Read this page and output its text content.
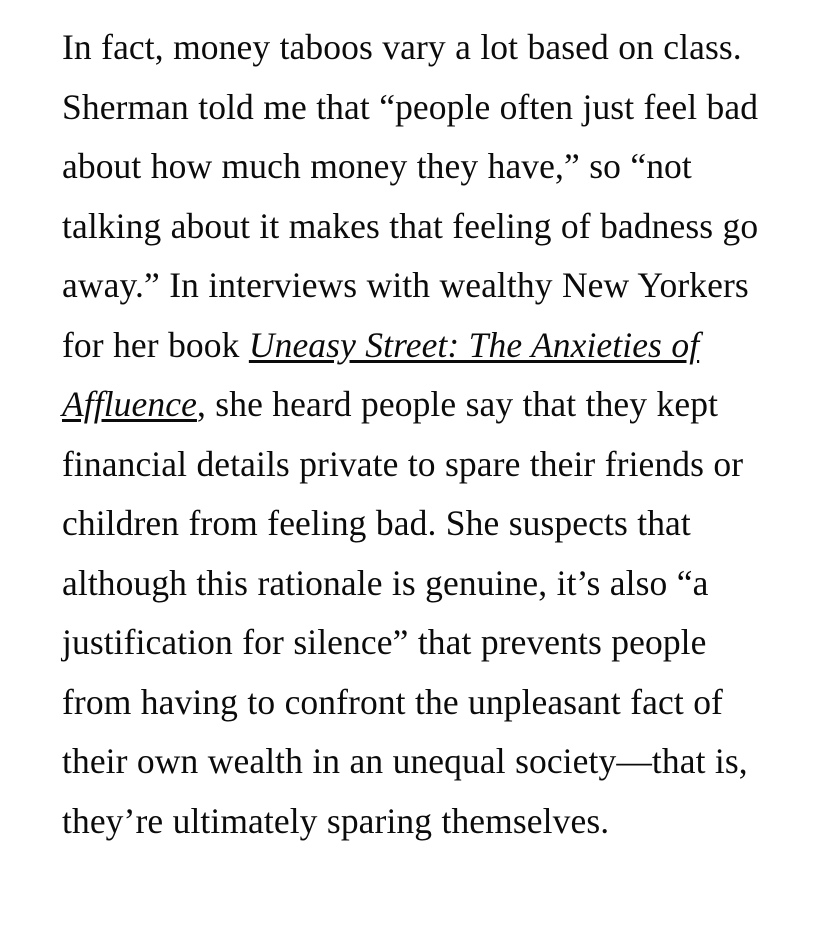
In fact, money taboos vary a lot based on class. Sherman told me that “people often just feel bad about how much money they have,” so “not talking about it makes that feeling of badness go away.” In interviews with wealthy New Yorkers for her book Uneasy Street: The Anxieties of Affluence, she heard people say that they kept financial details private to spare their friends or children from feeling bad. She suspects that although this rationale is genuine, it’s also “a justification for silence” that prevents people from having to confront the unpleasant fact of their own wealth in an unequal society—that is, they’re ultimately sparing themselves.
